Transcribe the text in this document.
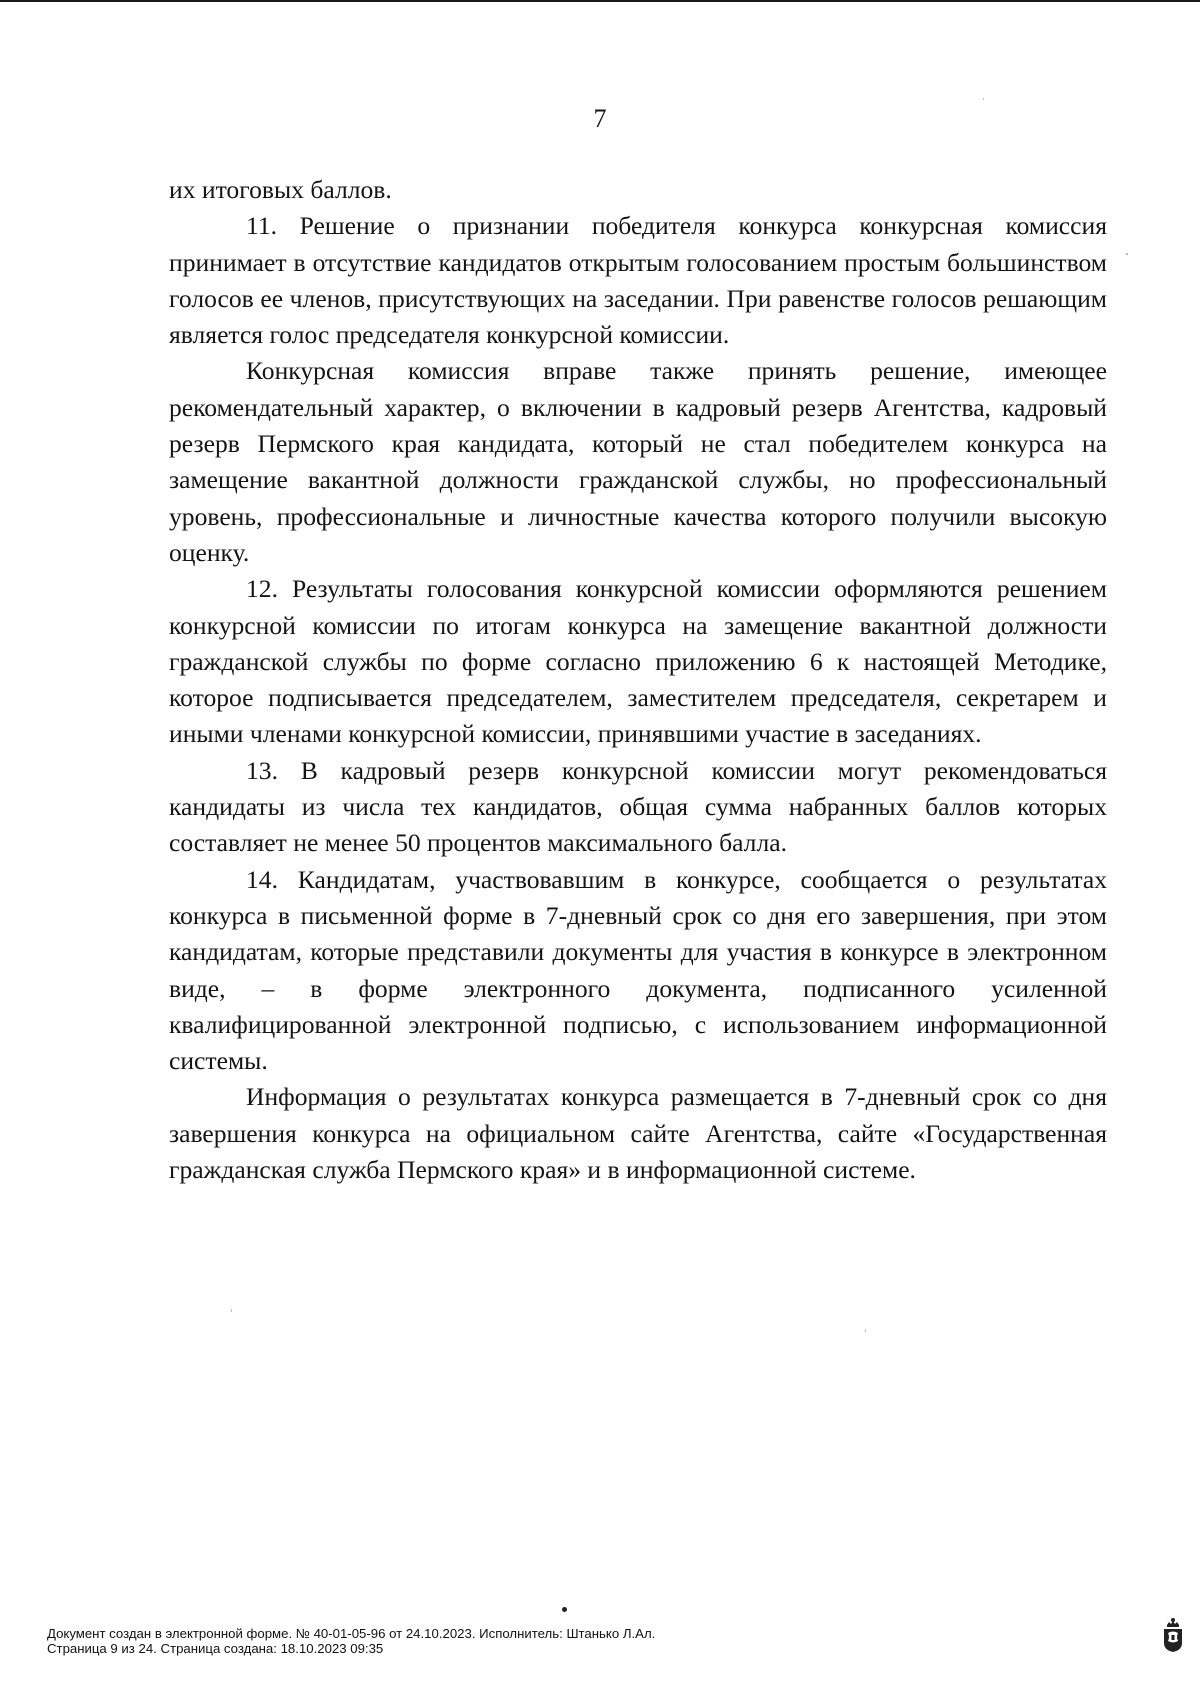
7

их итоговых баллов.

11. Решение о признании победителя конкурса конкурсная комиссия принимает в отсутствие кандидатов открытым голосованием простым большинством голосов ее членов, присутствующих на заседании. При равенстве голосов решающим является голос председателя конкурсной комиссии.

Конкурсная комиссия вправе также принять решение, имеющее рекомендательный характер, о включении в кадровый резерв Агентства, кадровый резерв Пермского края кандидата, который не стал победителем конкурса на замещение вакантной должности гражданской службы, но профессиональный уровень, профессиональные и личностные качества которого получили высокую оценку.

12. Результаты голосования конкурсной комиссии оформляются решением конкурсной комиссии по итогам конкурса на замещение вакантной должности гражданской службы по форме согласно приложению 6 к настоящей Методике, которое подписывается председателем, заместителем председателя, секретарем и иными членами конкурсной комиссии, принявшими участие в заседаниях.

13. В кадровый резерв конкурсной комиссии могут рекомендоваться кандидаты из числа тех кандидатов, общая сумма набранных баллов которых составляет не менее 50 процентов максимального балла.

14. Кандидатам, участвовавшим в конкурсе, сообщается о результатах конкурса в письменной форме в 7-дневный срок со дня его завершения, при этом кандидатам, которые представили документы для участия в конкурсе в электронном виде, – в форме электронного документа, подписанного усиленной квалифицированной электронной подписью, с использованием информационной системы.

Информация о результатах конкурса размещается в 7-дневный срок со дня завершения конкурса на официальном сайте Агентства, сайте «Государственная гражданская служба Пермского края» и в информационной системе.

Документ создан в электронной форме. № 40-01-05-96 от 24.10.2023. Исполнитель: Штанько Л.Ал.
Страница 9 из 24. Страница создана: 18.10.2023 09:35
